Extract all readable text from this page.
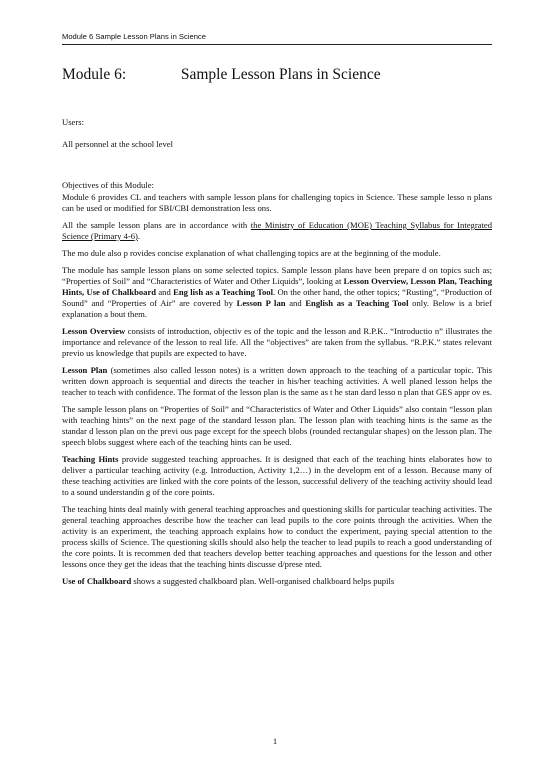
Module 6 Sample Lesson Plans in Science
Module 6:	Sample Lesson Plans in Science

Users:

All personnel at the school level

Objectives of this Module:

Module 6 provides CL and teachers with sample lesson plans for challenging topics in Science. These sample lesso n plans can be used or modified for SBI/CBI demonstration less ons.

All the sample lesson plans are in accordance with the Ministry of Education (MOE) Teaching Syllabus for Integrated Science (Primary 4-6).

The mo dule also p rovides concise explanation of what challenging topics are at the beginning of the module.

The module has sample lesson plans on some selected topics. Sample lesson plans have been prepare d on topics such as; “Properties of Soil” and “Characteristics of Water and Other Liquids”, looking at Lesson Overview, Lesson Plan, Teaching Hints, Use of Chalkboard and Eng lish as a Teaching Tool. On the other hand, the other topics; “Rusting”, “Production of Sound” and “Properties of Air” are covered by Lesson P lan and English as a Teaching Tool only. Below is a brief explanation a bout them.

Lesson Overview consists of introduction, objectiv es of the topic and the lesson and R.P.K.. “Introductio n” illustrates the importance and relevance of the lesson to real life. All the “objectives” are taken from the syllabus. “R.P.K.” states relevant previo us knowledge that pupils are expected to have.

Lesson Plan (sometimes also called lesson notes) is a written down approach to the teaching of a particular topic. This written down approach is sequential and directs the teacher in his/her teaching activities. A well planed lesson helps the teacher to teach with confidence. The format of the lesson plan is the same as t he stan dard lesso n plan that GES appr ov es.

The sample lesson plans on “Properties of Soil” and “Characteristics of Water and Other Liquids” also contain “lesson plan with teaching hints” on the next page of the standard lesson plan. The lesson plan with teaching hints is the same as the standar d lesson plan on the previ ous page except for the speech blobs (rounded rectangular shapes) on the lesson plan. The speech blobs suggest where each of the teaching hints can be used.

Teaching Hints provide suggested teaching approaches. It is designed that each of the teaching hints elaborates how to deliver a particular teaching activity (e.g. Introduction, Activity 1,2…) in the developm ent of a lesson. Because many of these teaching activities are linked with the core points of the lesson, successful delivery of the teaching activity should lead to a sound understandin g of the core points.

The teaching hints deal mainly with general teaching approaches and questioning skills for particular teaching activities. The general teaching approaches describe how the teacher can lead pupils to the core points through the activities. When the activity is an experiment, the teaching approach explains how to conduct the experiment, paying special attention to the process skills of Science. The questioning skills should also help the teacher to lead pupils to reach a good understanding of the core points. It is recommen ded that teachers develop better teaching approaches and questions for the lesson and other lessons once they get the ideas that the teaching hints discusse d/prese nted.

Use of Chalkboard shows a suggested chalkboard plan. Well-organised chalkboard helps pupils

1
